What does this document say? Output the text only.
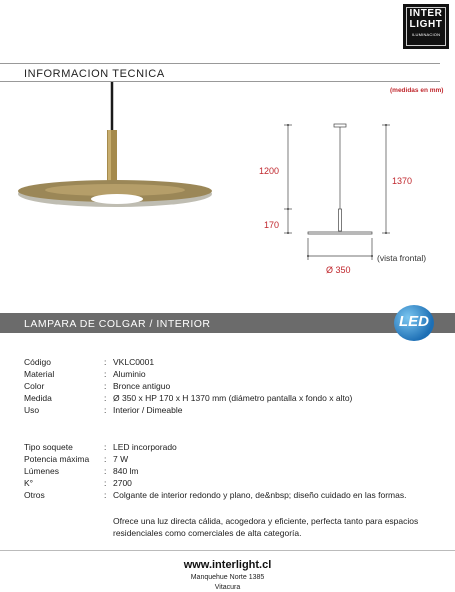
INTER
LIGHT
ILUMINACION
INFORMACION TECNICA
(medidas en mm)
1200
170
1370
Ø 350
(vista frontal)
LAMPARA DE COLGAR / INTERIOR	LED
Código	: VKLC0001
Material	: Aluminio
Color	: Bronce antiguo
Medida	: Ø 350 x HP 170 x H 1370 mm (diámetro pantalla x fondo x alto)
Uso	: Interior / Dimeable
Tipo soquete	: LED incorporado
Potencia máxima : 7 W
Lúmenes	: 840 lm
K°	: 2700
Otros	: Colgante de interior redondo y plano, de&nbsp; diseño cuidado en las formas.
Ofrece una luz directa cálida, acogedora y eficiente, perfecta tanto para espacios residenciales como comerciales de alta categoría.
www.interlight.cl
Manquehue Norte 1385
Vitacura
